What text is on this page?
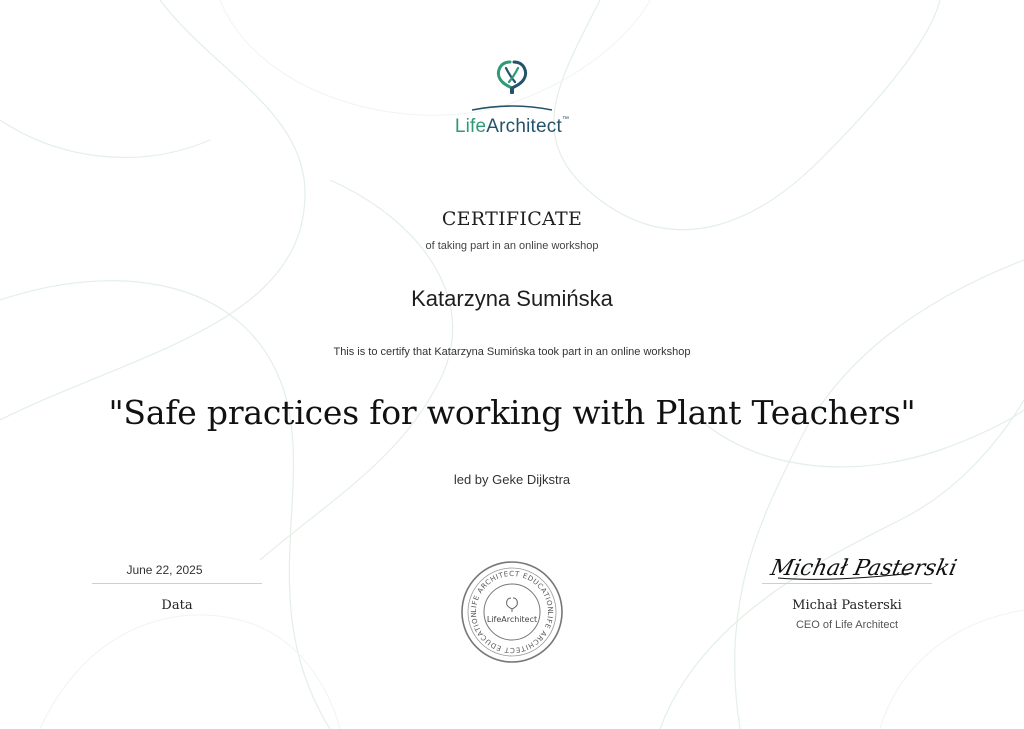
LifeArchitect™
CERTIFICATE
of taking part in an online workshop
Katarzyna Sumińska
This is to certify that Katarzyna Sumińska took part in an online workshop
"Safe practices for working with Plant Teachers"
led by Geke Dijkstra
June 22, 2025
Data	LIFE ARCHITECT EDUCATION
LIFE ARCHITECT EDUCATION
LifeArchitect
Michał Pasterski
Michał Pasterski
CEO of Life Architect
